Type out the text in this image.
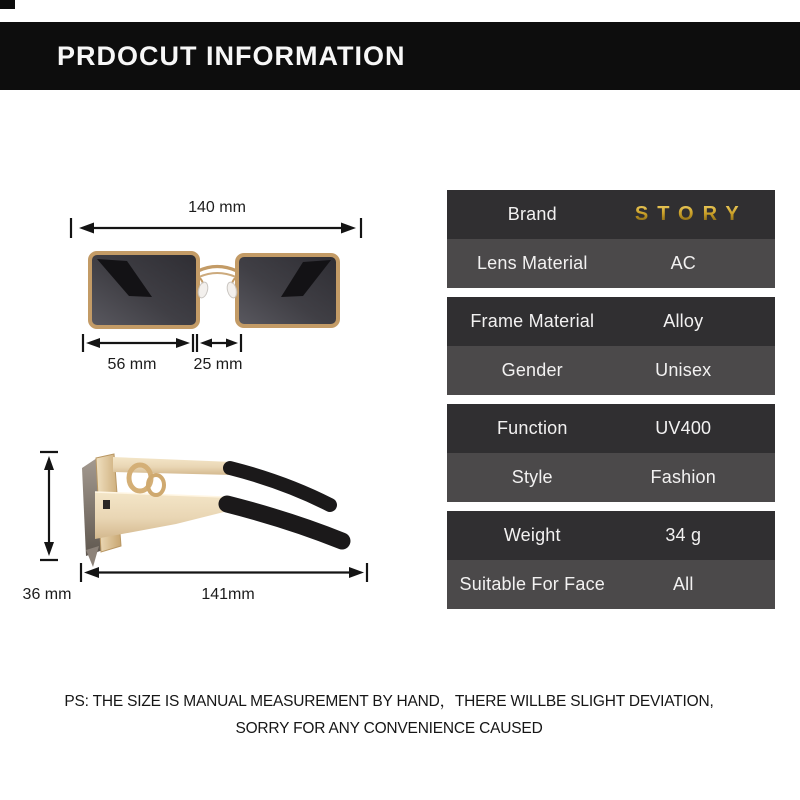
PRDOCUT INFORMATION
140 mm
56 mm 25 mm
36 mm	141mm
Brand	STORY
Lens Material	AC
Frame Material	Alloy
Gender	Unisex
Function	UV400
Style	Fashion
Weight	34 g
Suitable For Face	All
PS: THE SIZE IS MANUAL MEASUREMENT BY HAND，THERE WILLBE SLIGHT DEVIATION,
SORRY FOR ANY CONVENIENCE CAUSED
